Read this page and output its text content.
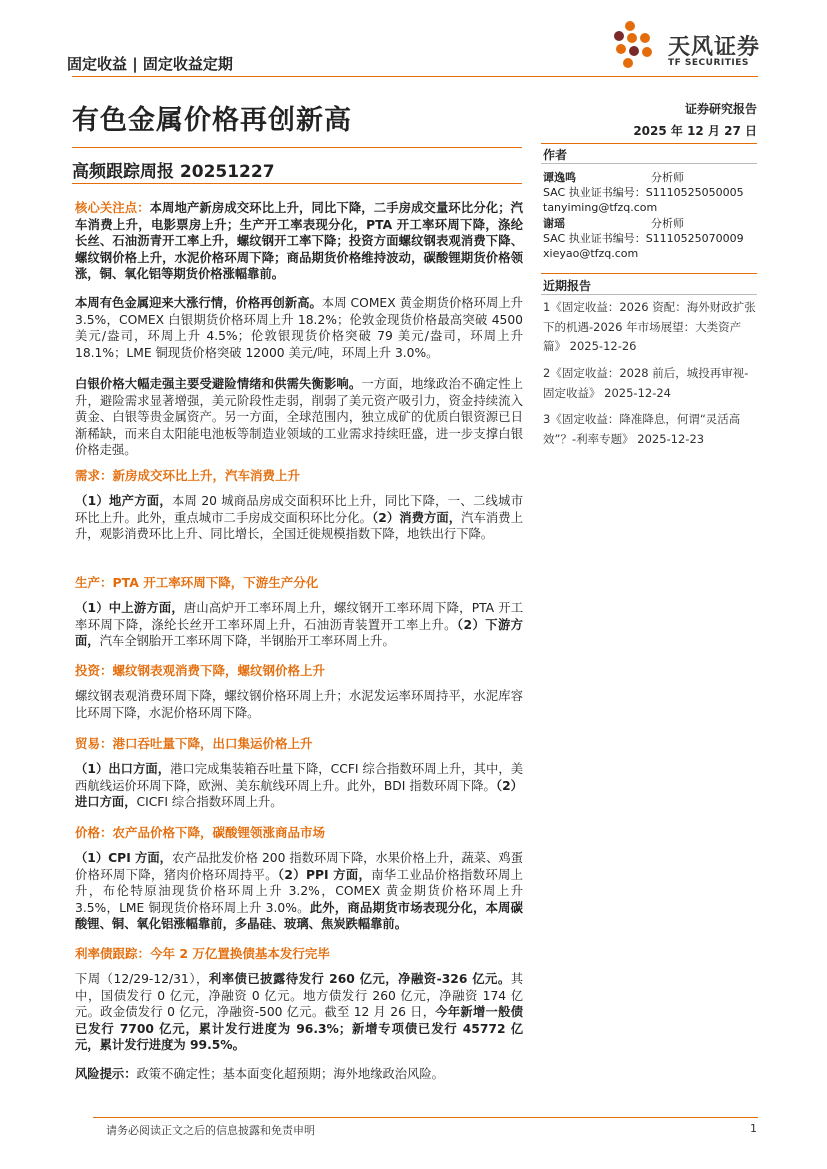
固定收益 | 固定收益定期
天风证券
TF SECURITIES
有色金属价格再创新高
高频跟踪周报 20251227
证券研究报告
2025 年 12 月 27 日
作者
谭逸鸣	分析师
SAC 执业证书编号：S1110525050005
tanyiming@tfzq.com
谢瑶	分析师
SAC 执业证书编号：S1110525070009
xieyao@tfzq.com
近期报告
1《固定收益：2026 资配：海外财政扩张下的机遇-2026 年市场展望：大类资产篇》 2025-12-26
2《固定收益：2028 前后，城投再审视-固定收益》 2025-12-24
3《固定收益：降准降息，何谓“灵活高效”？-利率专题》 2025-12-23
核心关注点：本周地产新房成交环比上升，同比下降，二手房成交量环比分化；汽车消费上升，电影票房上升；生产开工率表现分化，PTA 开工率环周下降，涤纶长丝、石油沥青开工率上升，螺纹钢开工率下降；投资方面螺纹钢表观消费下降、螺纹钢价格上升，水泥价格环周下降；商品期货价格维持波动，碳酸锂期货价格领涨，铜、氧化铝等期货价格涨幅靠前。
本周有色金属迎来大涨行情，价格再创新高。本周 COMEX 黄金期货价格环周上升 3.5%，COMEX 白银期货价格环周上升 18.2%；伦敦金现货价格最高突破 4500 美元/盎司，环周上升 4.5%；伦敦银现货价格突破 79 美元/盎司，环周上升 18.1%；LME 铜现货价格突破 12000 美元/吨，环周上升 3.0%。
白银价格大幅走强主要受避险情绪和供需失衡影响。一方面，地缘政治不确定性上升，避险需求显著增强，美元阶段性走弱，削弱了美元资产吸引力，资金持续流入黄金、白银等贵金属资产。另一方面，全球范围内，独立成矿的优质白银资源已日渐稀缺，而来自太阳能电池板等制造业领域的工业需求持续旺盛，进一步支撑白银价格走强。
需求：新房成交环比上升，汽车消费上升
（1）地产方面，本周 20 城商品房成交面积环比上升，同比下降，一、二线城市环比上升。此外，重点城市二手房成交面积环比分化。（2）消费方面，汽车消费上升，观影消费环比上升、同比增长，全国迁徙规模指数下降，地铁出行下降。
生产：PTA 开工率环周下降，下游生产分化
（1）中上游方面，唐山高炉开工率环周上升，螺纹钢开工率环周下降，PTA 开工率环周下降，涤纶长丝开工率环周上升，石油沥青装置开工率上升。（2）下游方面，汽车全钢胎开工率环周下降，半钢胎开工率环周上升。
投资：螺纹钢表观消费下降，螺纹钢价格上升
螺纹钢表观消费环周下降，螺纹钢价格环周上升；水泥发运率环周持平，水泥库容比环周下降，水泥价格环周下降。
贸易：港口吞吐量下降，出口集运价格上升
（1）出口方面，港口完成集装箱吞吐量下降，CCFI 综合指数环周上升，其中，美西航线运价环周下降，欧洲、美东航线环周上升。此外，BDI 指数环周下降。（2）进口方面，CICFI 综合指数环周上升。
价格：农产品价格下降，碳酸锂领涨商品市场
（1）CPI 方面，农产品批发价格 200 指数环周下降，水果价格上升，蔬菜、鸡蛋价格环周下降，猪肉价格环周持平。（2）PPI 方面，南华工业品价格指数环周上升，布伦特原油现货价格环周上升 3.2%，COMEX 黄金期货价格环周上升 3.5%，LME 铜现货价格环周上升 3.0%。此外，商品期货市场表现分化，本周碳酸锂、铜、氧化铝涨幅靠前，多晶硅、玻璃、焦炭跌幅靠前。
利率债跟踪：今年 2 万亿置换债基本发行完毕
下周（12/29-12/31），利率债已披露待发行 260 亿元，净融资-326 亿元。其中，国债发行 0 亿元，净融资 0 亿元。地方债发行 260 亿元，净融资 174 亿元。政金债发行 0 亿元，净融资-500 亿元。截至 12 月 26 日，今年新增一般债已发行 7700 亿元，累计发行进度为 96.3%；新增专项债已发行 45772 亿元，累计发行进度为 99.5%。
风险提示：政策不确定性；基本面变化超预期；海外地缘政治风险。
请务必阅读正文之后的信息披露和免责申明	1
